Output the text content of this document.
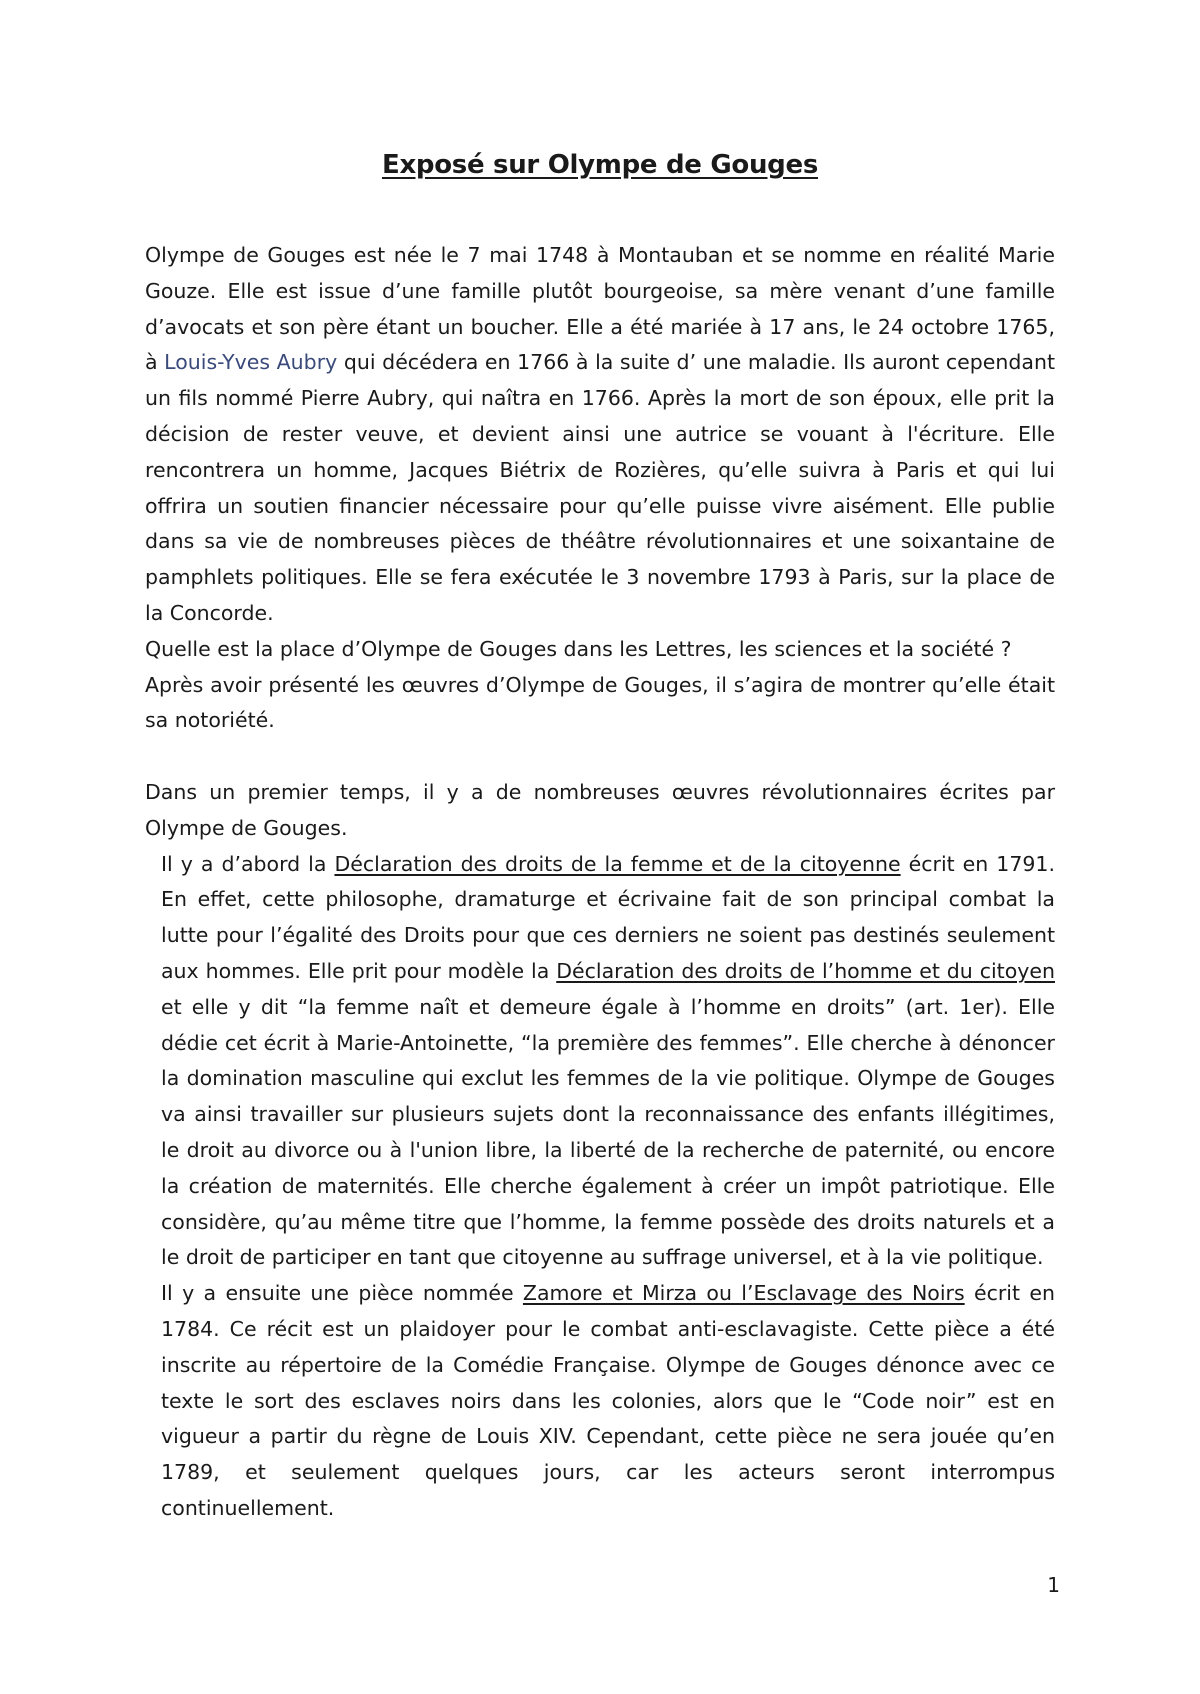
Exposé sur Olympe de Gouges

Olympe de Gouges est née le 7 mai 1748 à Montauban et se nomme en réalité Marie Gouze. Elle est issue d’une famille plutôt bourgeoise, sa mère venant d’une famille d’avocats et son père étant un boucher. Elle a été mariée à 17 ans, le 24 octobre 1765, à Louis-Yves Aubry qui décédera en 1766 à la suite d’ une maladie. Ils auront cependant un fils nommé Pierre Aubry, qui naîtra en 1766. Après la mort de son époux, elle prit la décision de rester veuve, et devient ainsi une autrice se vouant à l'écriture. Elle rencontrera un homme, Jacques Biétrix de Rozières, qu’elle suivra à Paris et qui lui offrira un soutien financier nécessaire pour qu’elle puisse vivre aisément. Elle publie dans sa vie de nombreuses pièces de théâtre révolutionnaires et une soixantaine de pamphlets politiques. Elle se fera exécutée le 3 novembre 1793 à Paris, sur la place de la Concorde.

Quelle est la place d’Olympe de Gouges dans les Lettres, les sciences et la société ?

Après avoir présenté les œuvres d’Olympe de Gouges, il s’agira de montrer qu’elle était sa notoriété.

Dans un premier temps, il y a de nombreuses œuvres révolutionnaires écrites par Olympe de Gouges.

Il y a d’abord la Déclaration des droits de la femme et de la citoyenne écrit en 1791. En effet, cette philosophe, dramaturge et écrivaine fait de son principal combat la lutte pour l’égalité des Droits pour que ces derniers ne soient pas destinés seulement aux hommes. Elle prit pour modèle la Déclaration des droits de l’homme et du citoyen et elle y dit “la femme naît et demeure égale à l’homme en droits” (art. 1er). Elle dédie cet écrit à Marie-Antoinette, “la première des femmes”. Elle cherche à dénoncer la domination masculine qui exclut les femmes de la vie politique. Olympe de Gouges va ainsi travailler sur plusieurs sujets dont la reconnaissance des enfants illégitimes, le droit au divorce ou à l'union libre, la liberté de la recherche de paternité, ou encore la création de maternités. Elle cherche également à créer un impôt patriotique. Elle considère, qu’au même titre que l’homme, la femme possède des droits naturels et a le droit de participer en tant que citoyenne au suffrage universel, et à la vie politique.

Il y a ensuite une pièce nommée Zamore et Mirza ou l’Esclavage des Noirs écrit en 1784. Ce récit est un plaidoyer pour le combat anti-esclavagiste. Cette pièce a été inscrite au répertoire de la Comédie Française. Olympe de Gouges dénonce avec ce texte le sort des esclaves noirs dans les colonies, alors que le “Code noir” est en vigueur a partir du règne de Louis XIV. Cependant, cette pièce ne sera jouée qu’en 1789, et seulement quelques jours, car les acteurs seront interrompus continuellement.

1
